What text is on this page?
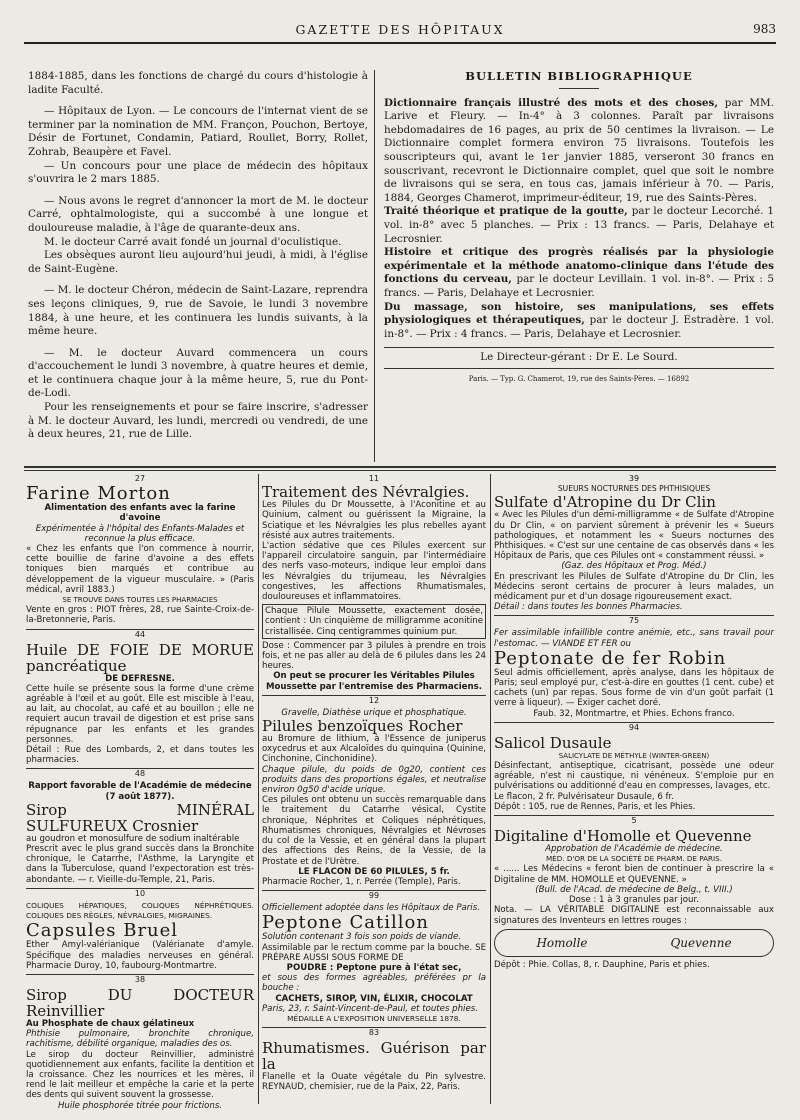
GAZETTE DES HÔPITAUX	983

1884-1885, dans les fonctions de chargé du cours d'histologie à ladite Faculté.

— Hôpitaux de Lyon. — Le concours de l'internat vient de se terminer par la nomination de MM. Françon, Pouchon, Bertoye, Désir de Fortunet, Condamin, Patiard, Roullet, Borry, Rollet, Zohrab, Beaupère et Favel.

— Un concours pour une place de médecin des hôpitaux s'ouvrira le 2 mars 1885.

— Nous avons le regret d'annoncer la mort de M. le docteur Carré, ophtalmologiste, qui a succombé à une longue et douloureuse maladie, à l'âge de quarante-deux ans.

M. le docteur Carré avait fondé un journal d'oculistique.

Les obsèques auront lieu aujourd'hui jeudi, à midi, à l'église de Saint-Eugène.

— M. le docteur Chéron, médecin de Saint-Lazare, reprendra ses leçons cliniques, 9, rue de Savoie, le lundi 3 novembre 1884, à une heure, et les continuera les lundis suivants, à la même heure.

— M. le docteur Auvard commencera un cours d'accouchement le lundi 3 novembre, à quatre heures et demie, et le continuera chaque jour à la même heure, 5, rue du Pont-de-Lodi.

Pour les renseignements et pour se faire inscrire, s'adresser à M. le docteur Auvard, les lundi, mercredi ou vendredi, de une à deux heures, 21, rue de Lille.

BULLETIN BIBLIOGRAPHIQUE

Dictionnaire français illustré des mots et des choses, par MM. Larive et Fleury. — In-4° à 3 colonnes. Paraît par livraisons hebdomadaires de 16 pages, au prix de 50 centimes la livraison. — Le Dictionnaire complet formera environ 75 livraisons. Toutefois les souscripteurs qui, avant le 1er janvier 1885, verseront 30 francs en souscrivant, recevront le Dictionnaire complet, quel que soit le nombre de livraisons qui se sera, en tous cas, jamais inférieur à 70. — Paris, 1884, Georges Chamerot, imprimeur-éditeur, 19, rue des Saints-Pères.

Traité théorique et pratique de la goutte, par le docteur Lecorché. 1 vol. in-8° avec 5 planches. — Prix : 13 francs. — Paris, Delahaye et Lecrosnier.

Histoire et critique des progrès réalisés par la physiologie expérimentale et la méthode anatomo-clinique dans l'étude des fonctions du cerveau, par le docteur Levillain. 1 vol. in-8°. — Prix : 5 francs. — Paris, Delahaye et Lecrosnier.

Du massage, son histoire, ses manipulations, ses effets physiologiques et thérapeutiques, par le docteur J. Estradère. 1 vol. in-8°. — Prix : 4 francs. — Paris, Delahaye et Lecrosnier.

Le Directeur-gérant : Dr E. Le Sourd.
Paris. — Typ. G. Chamerot, 19, rue des Saints-Pères. — 16892
27
Farine Morton

Alimentation des enfants avec la farine d'avoine

Expérimentée à l'hôpital des Enfants-Malades et reconnue la plus efficace.

« Chez les enfants que l'on commence à nourrir, cette bouillie de farine d'avoine a des effets toniques bien marqués et contribue au développement de la vigueur musculaire. » (Paris médical, avril 1883.)

SE TROUVE DANS TOUTES LES PHARMACIES

Vente en gros : PIOT frères, 28, rue Sainte-Croix-de-la-Bretonnerie, Paris.

44
Huile DE FOIE DE MORUE pancréatique

DE DEFRESNE.

Cette huile se présente sous la forme d'une crème agréable à l'œil et au goût. Elle est miscible à l'eau, au lait, au chocolat, au café et au bouillon ; elle ne requiert aucun travail de digestion et est prise sans répugnance par les enfants et les grandes personnes.

Détail : Rue des Lombards, 2, et dans toutes les pharmacies.

48

Rapport favorable de l'Académie de médecine (7 août 1877).

Sirop MINÉRAL SULFUREUX Crosnier

au goudron et monosulfure de sodium inaltérable

Prescrit avec le plus grand succès dans la Bronchite chronique, le Catarrhe, l'Asthme, la Laryngite et dans la Tuberculose, quand l'expectoration est très-abondante. — r. Vieille-du-Temple, 21, Paris.

10

COLIQUES HÉPATIQUES, COLIQUES NÉPHRÉTIQUES. COLIQUES DES RÈGLES, NÉVRALGIES, MIGRAINES.

Capsules Bruel

Ether Amyl-valérianique (Valérianate d'amyle. Spécifique des maladies nerveuses en général. Pharmacie Duroy, 10, faubourg-Montmartre.

38
Sirop DU DOCTEUR Reinvillier

Au Phosphate de chaux gélatineux

Phthisie pulmonaire, bronchite chronique, rachitisme, débilité organique, maladies des os.

Le sirop du docteur Reinvillier, administré quotidiennement aux enfants, facilite la dentition et la croissance. Chez les nourrices et les mères, il rend le lait meilleur et empêche la carie et la perte des dents qui suivent souvent la grossesse.

Huile phosphorée titrée pour frictions.

11
Traitement des Névralgies.

Les Pilules du Dr Moussette, à l'Aconitine et au Quinium, calment ou guérissent la Migraine, la Sciatique et les Névralgies les plus rebelles ayant résisté aux autres traitements.

L'action sédative que ces Pilules exercent sur l'appareil circulatoire sanguin, par l'intermédiaire des nerfs vaso-moteurs, indique leur emploi dans les Névralgies du trijumeau, les Névralgies congestives, les affections Rhumatismales, douloureuses et inflammatoires.

Chaque Pilule Moussette, exactement dosée, contient : Un cinquième de milligramme aconitine cristallisée. Cinq centigrammes quinium pur.

Dose : Commencer par 3 pilules à prendre en trois fois, et ne pas aller au delà de 6 pilules dans les 24 heures.

On peut se procurer les Véritables Pilules Moussette par l'entremise des Pharmaciens.

12

Gravelle, Diathèse urique et phosphatique.

Pilules benzoïques Rocher

au Bromure de lithium, à l'Essence de juniperus oxycedrus et aux Alcaloïdes du quinquina (Quinine, Cinchonine, Cinchonidine).

Chaque pilule, du poids de 0g20, contient ces produits dans des proportions égales, et neutralise environ 0g50 d'acide urique.

Ces pilules ont obtenu un succès remarquable dans le traitement du Catarrhe vésical, Cystite chronique, Néphrites et Coliques néphrétiques, Rhumatismes chroniques, Névralgies et Névroses du col de la Vessie, et en général dans la plupart des affections des Reins, de la Vessie, de la Prostate et de l'Urètre.

LE FLACON DE 60 PILULES, 5 fr.

Pharmacie Rocher, 1, r. Perrée (Temple), Paris.

99

Officiellement adoptée dans les Hôpitaux de Paris.

Peptone Catillon

Solution contenant 3 fois son poids de viande.

Assimilable par le rectum comme par la bouche. SE PRÉPARE AUSSI SOUS FORME DE

POUDRE : Peptone pure à l'état sec,

et sous des formes agréables, préférées pr la bouche :

CACHETS, SIROP, VIN, ÉLIXIR, CHOCOLAT

Paris, 23, r. Saint-Vincent-de-Paul, et toutes phies.

MÉDAILLE A L'EXPOSITION UNIVERSELLE 1878.

83
Rhumatismes. Guérison par la

Flanelle et la Ouate végétale du Pin sylvestre. REYNAUD, chemisier, rue de la Paix, 22, Paris.

39

SUEURS NOCTURNES DES PHTHISIQUES

Sulfate d'Atropine du Dr Clin

« Avec les Pilules d'un demi-milligramme « de Sulfate d'Atropine du Dr Clin, « on parvient sûrement à prévenir les « Sueurs pathologiques, et notamment les « Sueurs nocturnes des Phthisiques. « C'est sur une centaine de cas observés dans « les Hôpitaux de Paris, que ces Pilules ont « constamment réussi. »

(Gaz. des Hôpitaux et Prog. Méd.)

En prescrivant les Pilules de Sulfate d'Atropine du Dr Clin, les Médecins seront certains de procurer à leurs malades, un médicament pur et d'un dosage rigoureusement exact.

Détail : dans toutes les bonnes Pharmacies.

75

Fer assimilable infaillible contre anémie, etc., sans travail pour l'estomac. — VIANDE ET FER ou

Peptonate de fer Robin

Seul admis officiellement, après analyse, dans les hôpitaux de Paris; seul employé pur, c'est-à-dire en gouttes (1 cent. cube) et cachets (un) par repas. Sous forme de vin d'un goût parfait (1 verre à liqueur). — Exiger cachet doré.

Faub. 32, Montmartre, et Phies. Echons franco.

94
Salicol Dusaule

SALICYLATE DE MÉTHYLE (WINTER-GREEN)

Désinfectant, antiseptique, cicatrisant, possède une odeur agréable, n'est ni caustique, ni vénéneux. S'emploie pur en pulvérisations ou additionné d'eau en compresses, lavages, etc.

Le flacon, 2 fr. Pulvérisateur Dusaule, 6 fr.

Dépôt : 105, rue de Rennes, Paris, et les Phies.

5
Digitaline d'Homolle et Quevenne

Approbation de l'Académie de médecine.

MÉD. D'OR DE LA SOCIÉTÉ DE PHARM. DE PARIS.

« ...... Les Médecins « feront bien de continuer à prescrire la « Digitaline de MM. HOMOLLE et QUEVENNE. »

(Bull. de l'Acad. de médecine de Belg., t. VIII.)

Dose : 1 à 3 granules par jour.

Nota. — LA VÉRITABLE DIGITALINE est reconnaissable aux signatures des Inventeurs en lettres rouges :

Homolle	Quevenne

Dépôt : Phie. Collas, 8, r. Dauphine, Paris et phies.
